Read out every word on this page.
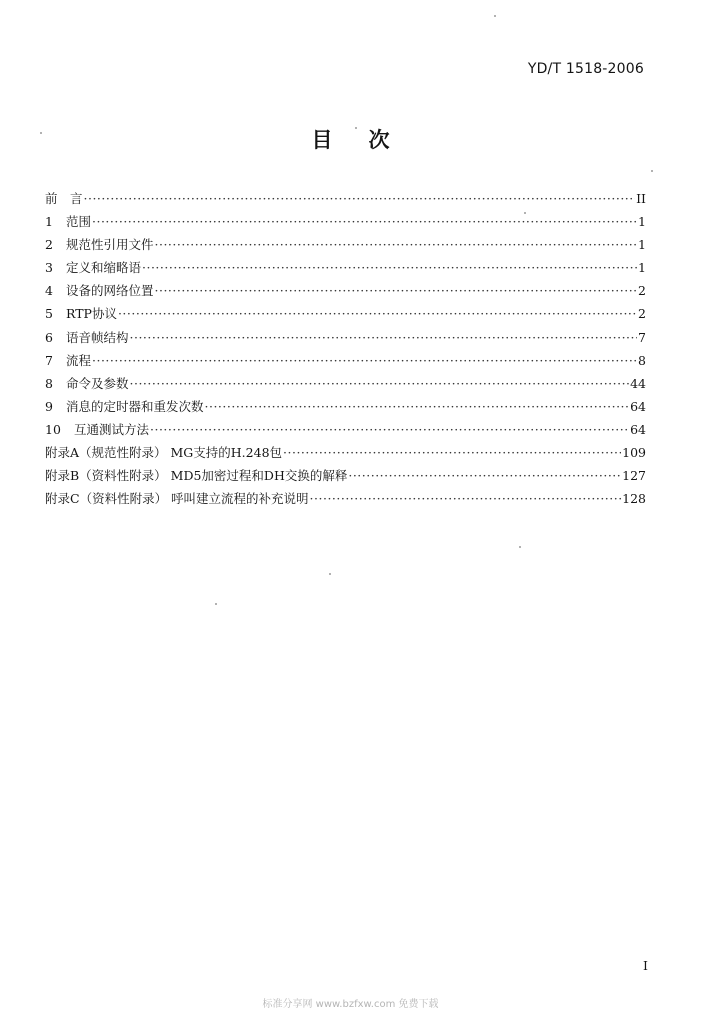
YD/T 1518-2006
目 次
前　言 ·····	II
1	范围 ·····	1
2	规范性引用文件 ·····	1
3	定义和缩略语 ·····	1
4	设备的网络位置 ·····	2
5	RTP协议 ·····	2
6	语音帧结构 ·····	7
7	流程 ·····	8
8	命令及参数 ·····	44
9	消息的定时器和重发次数 ·····	64
10	互通测试方法 ·····	64
附录A（规范性附录） MG支持的H.248包 ·····	109
附录B（资料性附录） MD5加密过程和DH交换的解释 ·····	127
附录C（资料性附录） 呼叫建立流程的补充说明 ·····	128
I
标准分享网 www.bzfxw.com 免费下载
